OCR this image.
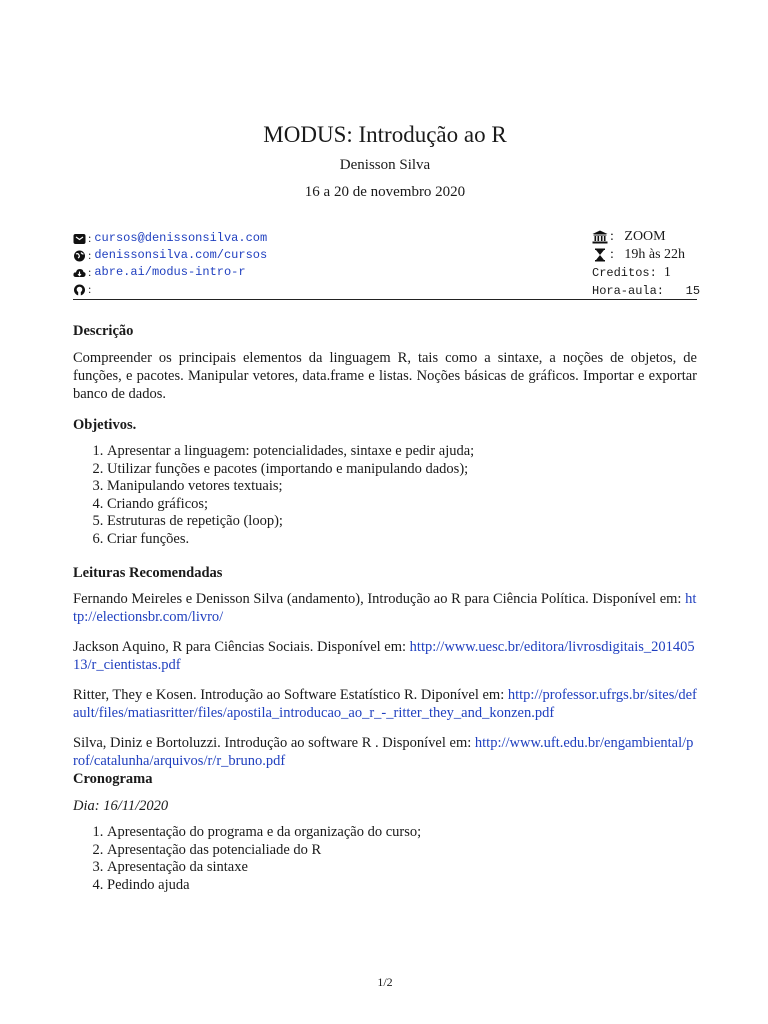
MODUS: Introdução ao R
Denisson Silva
16 a 20 de novembro 2020
: cursos@denissonsilva.com
: denissonsilva.com/cursos
: abre.ai/modus-intro-r
:
: ZOOM
: 19h às 22h
Creditos:
1
Hora-aula:
15
Descrição

Compreender os principais elementos da linguagem R, tais como a sintaxe, a noções de objetos, de funções, e pacotes. Manipular vetores, data.frame e listas. Noções básicas de gráficos. Importar e exportar banco de dados.

Objetivos.
1. Apresentar a linguagem: potencialidades, sintaxe e pedir ajuda;
2. Utilizar funções e pacotes (importando e manipulando dados);
3. Manipulando vetores textuais;
4. Criando gráficos;
5. Estruturas de repetição (loop);
6. Criar funções.
Leituras Recomendadas

Fernando Meireles e Denisson Silva (andamento), Introdução ao R para Ciência Política. Disponível em: http://electionsbr.com/livro/

Jackson Aquino, R para Ciências Sociais. Disponível em: http://www.uesc.br/editora/livrosdigitais_20140513/r_cientistas.pdf

Ritter, They e Kosen. Introdução ao Software Estatístico R. Diponível em: http://professor.ufrgs.br/sites/default/files/matiasritter/files/apostila_introducao_ao_r_-_ritter_they_and_konzen.pdf

Silva, Diniz e Bortoluzzi. Introdução ao software R . Disponível em: http://www.uft.edu.br/engambiental/prof/catalunha/arquivos/r/r_bruno.pdf

Cronograma

Dia: 16/11/2020

1. Apresentação do programa e da organização do curso;
2. Apresentação das potencialiade do R
3. Apresentação da sintaxe
4. Pedindo ajuda
1/2
